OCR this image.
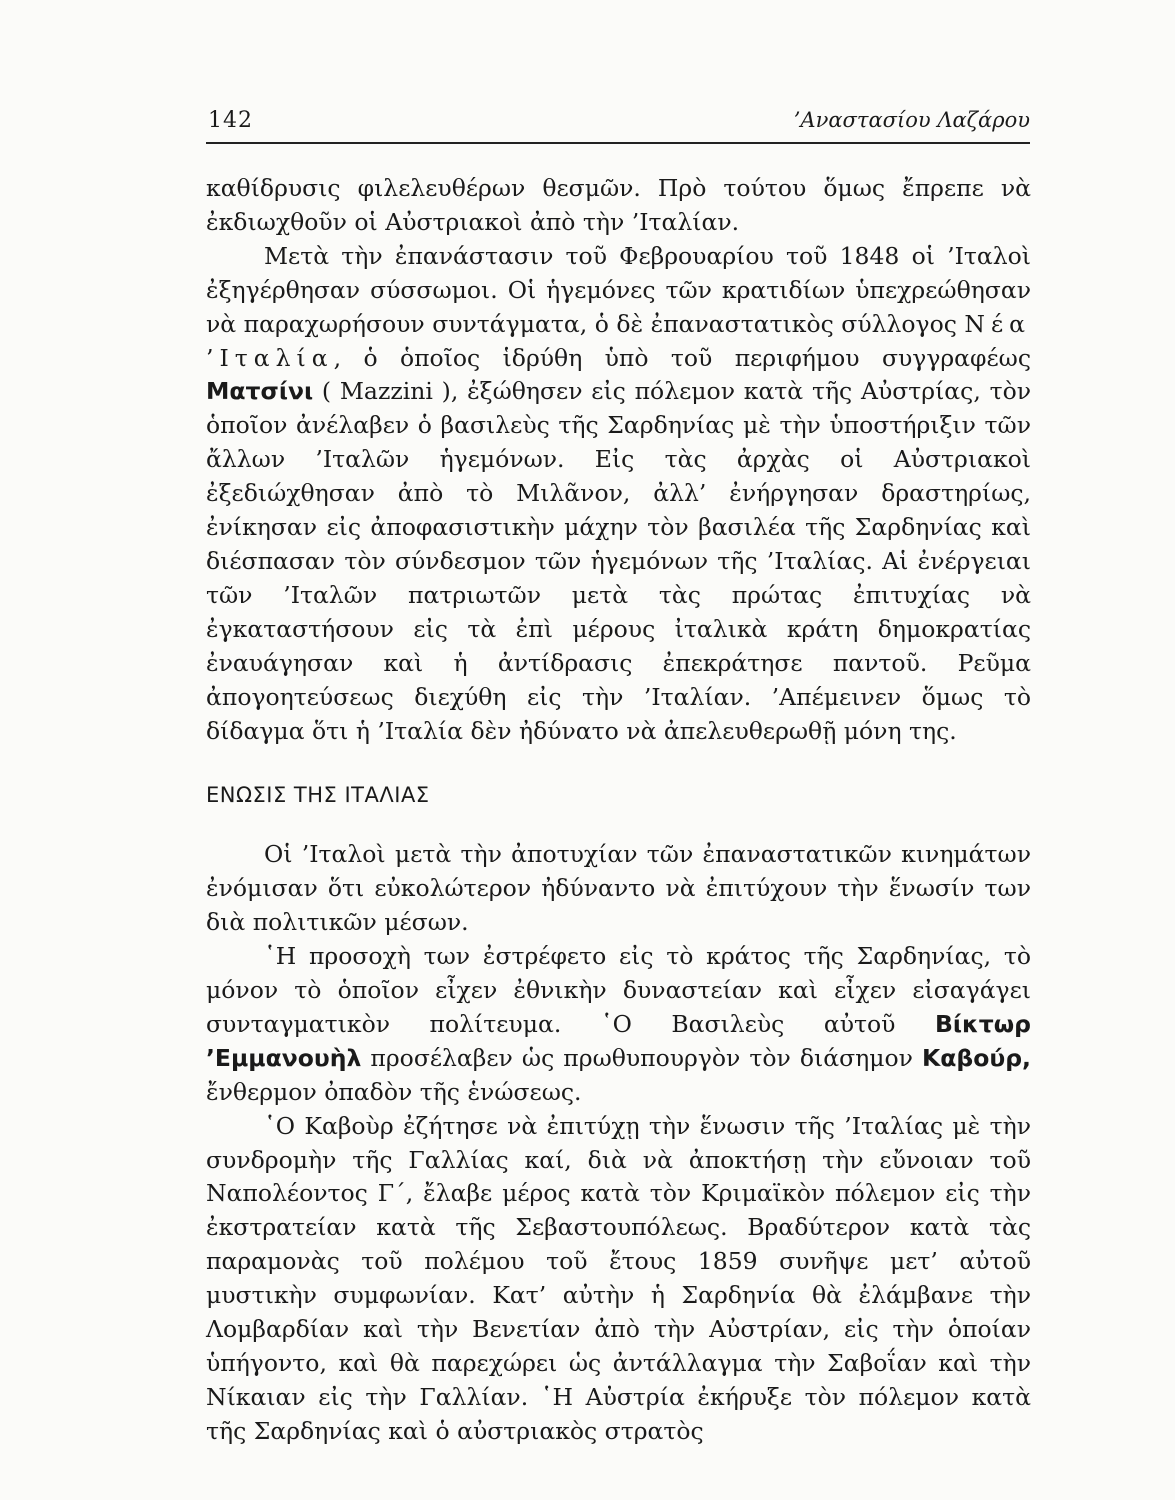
142	’Αναστασίου Λαζάρου

καθίδρυσις φιλελευθέρων θεσμῶν. Πρὸ τούτου ὅμως ἔπρεπε νὰ ἐκδιωχθοῦν οἱ Αὐστριακοὶ ἀπὸ τὴν ’Ιταλίαν.

Μετὰ τὴν ἐπανάστασιν τοῦ Φεβρουαρίου τοῦ 1848 οἱ ’Ιταλοὶ ἐξηγέρθησαν σύσσωμοι. Οἱ ἡγεμόνες τῶν κρατιδίων ὑπεχρεώθησαν νὰ παραχωρήσουν συντάγματα, ὁ δὲ ἐπαναστατικὸς σύλλογος Νέα ’Ιταλία, ὁ ὁποῖος ἱδρύθη ὑπὸ τοῦ περιφήμου συγγραφέως Ματσίνι ( Mazzini ), ἐξώθησεν εἰς πόλεμον κατὰ τῆς Αὐστρίας, τὸν ὁποῖον ἀνέλαβεν ὁ βασιλεὺς τῆς Σαρδηνίας μὲ τὴν ὑποστήριξιν τῶν ἄλλων ’Ιταλῶν ἡγεμόνων. Εἰς τὰς ἀρχὰς οἱ Αὐστριακοὶ ἐξεδιώχθησαν ἀπὸ τὸ Μιλᾶνον, ἀλλ’ ἐνήργησαν δραστηρίως, ἐνίκησαν εἰς ἀποφασιστικὴν μάχην τὸν βασιλέα τῆς Σαρδηνίας καὶ διέσπασαν τὸν σύνδεσμον τῶν ἡγεμόνων τῆς ’Ιταλίας. Αἱ ἐνέργειαι τῶν ’Ιταλῶν πατριωτῶν μετὰ τὰς πρώτας ἐπιτυχίας νὰ ἐγκαταστήσουν εἰς τὰ ἐπὶ μέρους ἰταλικὰ κράτη δημοκρατίας ἐναυάγησαν καὶ ἡ ἀντίδρασις ἐπεκράτησε παντοῦ. Ρεῦμα ἀπογοητεύσεως διεχύθη εἰς τὴν ’Ιταλίαν. ’Απέμεινεν ὅμως τὸ δίδαγμα ὅτι ἡ ’Ιταλία δὲν ἠδύνατο νὰ ἀπελευθερωθῇ μόνη της.

ΕΝΩΣΙΣ ΤΗΣ ΙΤΑΛΙΑΣ

Οἱ ’Ιταλοὶ μετὰ τὴν ἀποτυχίαν τῶν ἐπαναστατικῶν κινημάτων ἐνόμισαν ὅτι εὐκολώτερον ἠδύναντο νὰ ἐπιτύχουν τὴν ἕνωσίν των διὰ πολιτικῶν μέσων.

῾Η προσοχὴ των ἐστρέφετο εἰς τὸ κράτος τῆς Σαρδηνίας, τὸ μόνον τὸ ὁποῖον εἶχεν ἐθνικὴν δυναστείαν καὶ εἶχεν εἰσαγάγει συνταγματικὸν πολίτευμα. ῾Ο Βασιλεὺς αὐτοῦ Βίκτωρ ’Εμμανουὴλ προσέλαβεν ὡς πρωθυπουργὸν τὸν διάσημον Καβούρ, ἔνθερμον ὀπαδὸν τῆς ἑνώσεως.

῾Ο Καβοὺρ ἐζήτησε νὰ ἐπιτύχῃ τὴν ἕνωσιν τῆς ’Ιταλίας μὲ τὴν συνδρομὴν τῆς Γαλλίας καί, διὰ νὰ ἀποκτήσῃ τὴν εὔνοιαν τοῦ Ναπολέοντος Γ΄, ἔλαβε μέρος κατὰ τὸν Κριμαϊκὸν πόλεμον εἰς τὴν ἐκστρατείαν κατὰ τῆς Σεβαστουπόλεως. Βραδύτερον κατὰ τὰς παραμονὰς τοῦ πολέμου τοῦ ἔτους 1859 συνῆψε μετ’ αὐτοῦ μυστικὴν συμφωνίαν. Κατ’ αὐτὴν ἡ Σαρδηνία θὰ ἐλάμβανε τὴν Λομβαρδίαν καὶ τὴν Βενετίαν ἀπὸ τὴν Αὐστρίαν, εἰς τὴν ὁποίαν ὑπήγοντο, καὶ θὰ παρεχώρει ὡς ἀντάλλαγμα τὴν Σαβοΐαν καὶ τὴν Νίκαιαν εἰς τὴν Γαλλίαν. ῾Η Αὐστρία ἐκήρυξε τὸν πόλεμον κατὰ τῆς Σαρδηνίας καὶ ὁ αὐστριακὸς στρατὸς
